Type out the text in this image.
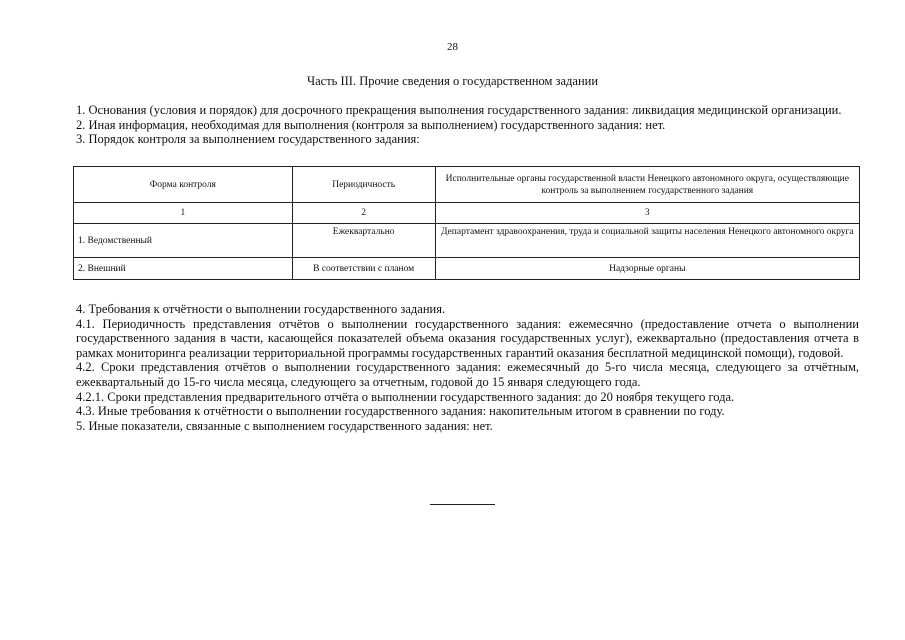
28
Часть III. Прочие сведения о государственном задании

1. Основания (условия и порядок) для досрочного прекращения выполнения государственного задания: ликвидация медицинской организации.

2. Иная информация, необходимая для выполнения (контроля за выполнением) государственного задания: нет.

3. Порядок контроля за выполнением государственного задания:

Форма контроля	Периодичность	Исполнительные органы государственной власти Ненецкого автономного округа, осуществляющие контроль за выполнением государственного задания
1	2	3
1. Ведомственный	Ежеквартально	Департамент здравоохранения, труда и социальной защиты населения Ненецкого автономного округа
2. Внешний	В соответствии с планом	Надзорные органы

4. Требования к отчётности о выполнении государственного задания.

4.1. Периодичность представления отчётов о выполнении государственного задания: ежемесячно (предоставление отчета о выполнении государственного задания в части, касающейся показателей объема оказания государственных услуг), ежеквартально (предоставления отчета в рамках мониторинга реализации территориальной программы государственных гарантий оказания бесплатной медицинской помощи), годовой.

4.2. Сроки представления отчётов о выполнении государственного задания: ежемесячный до 5-го числа месяца, следующего за отчётным, ежеквартальный до 15-го числа месяца, следующего за отчетным, годовой до 15 января следующего года.

4.2.1. Сроки представления предварительного отчёта о выполнении государственного задания: до 20 ноября текущего года.

4.3. Иные требования к отчётности о выполнении государственного задания: накопительным итогом в сравнении по году.

5. Иные показатели, связанные с выполнением государственного задания: нет.
